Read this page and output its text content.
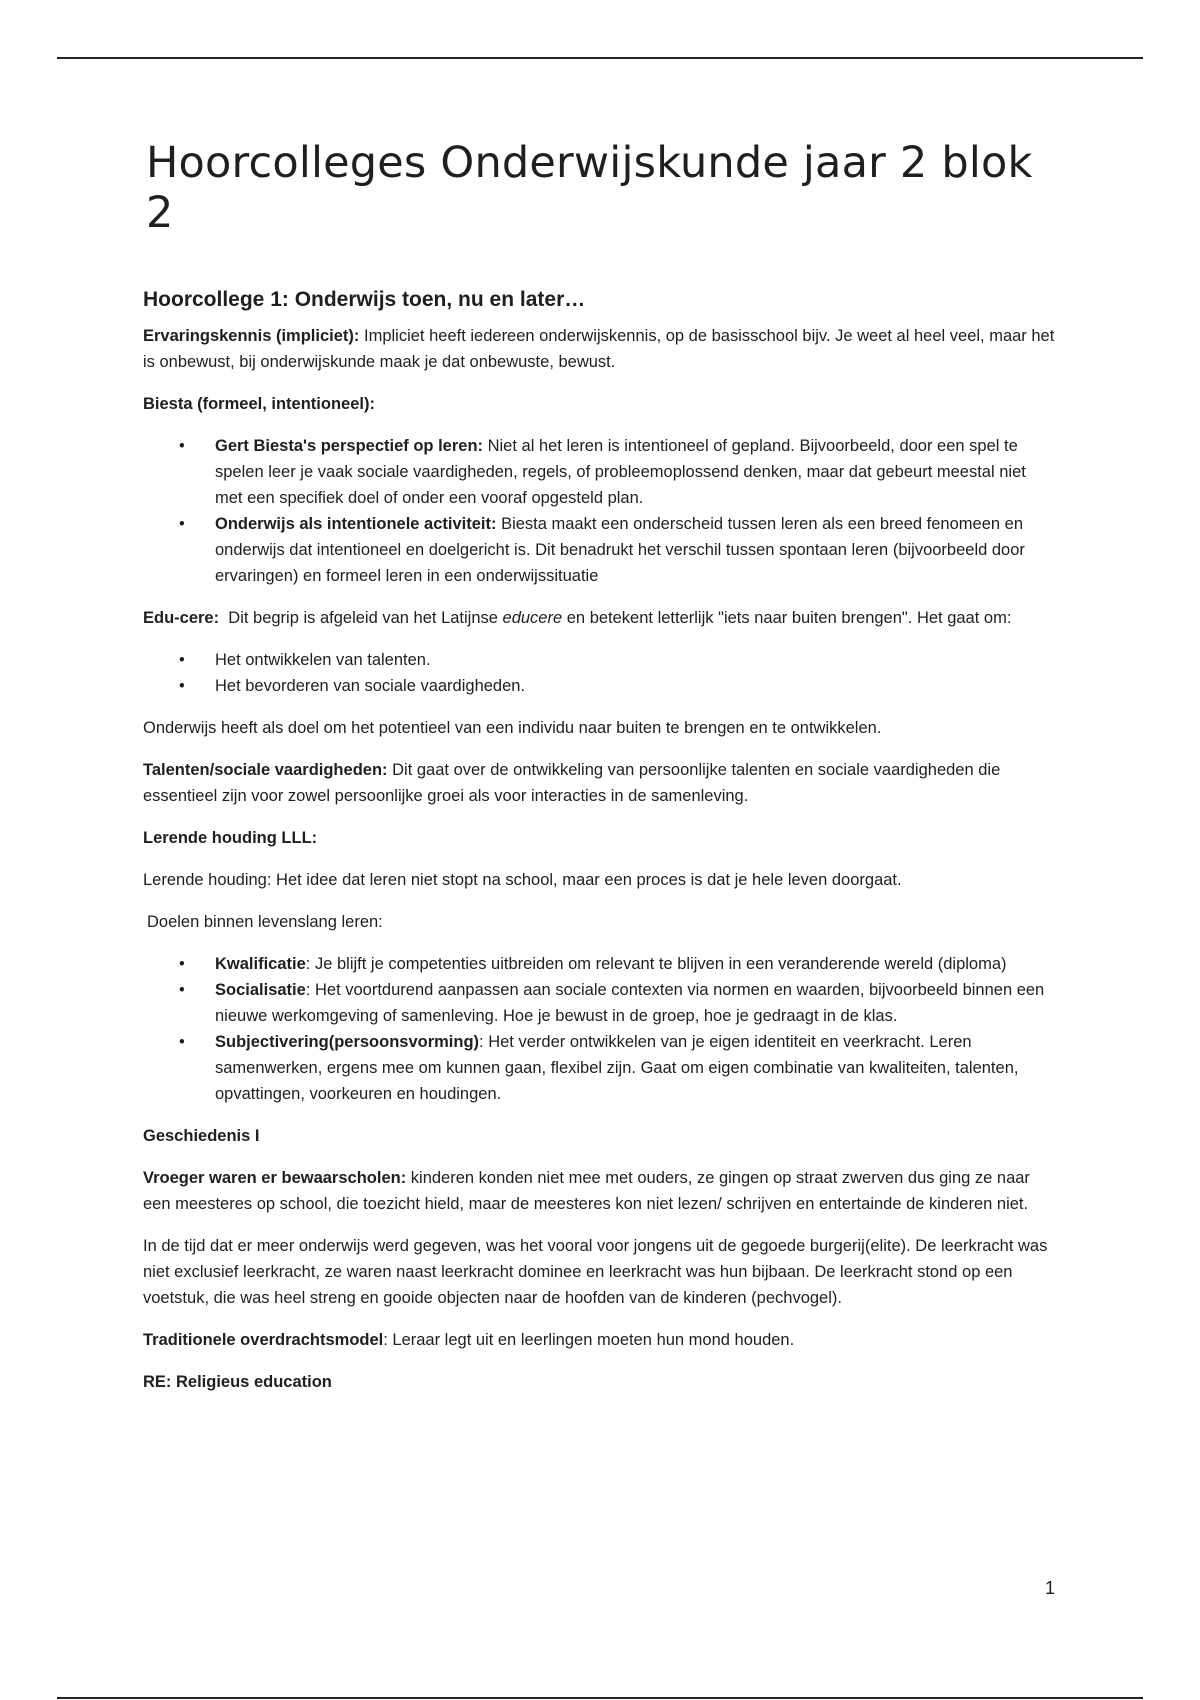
Hoorcolleges Onderwijskunde jaar 2 blok 2
Hoorcollege 1: Onderwijs toen, nu en later…

Ervaringskennis (impliciet): Impliciet heeft iedereen onderwijskennis, op de basisschool bijv. Je weet al heel veel, maar het is onbewust, bij onderwijskunde maak je dat onbewuste, bewust.

Biesta (formeel, intentioneel):

• Gert Biesta's perspectief op leren: Niet al het leren is intentioneel of gepland. Bijvoorbeeld, door een spel te spelen leer je vaak sociale vaardigheden, regels, of probleemoplossend denken, maar dat gebeurt meestal niet met een specifiek doel of onder een vooraf opgesteld plan.
• Onderwijs als intentionele activiteit: Biesta maakt een onderscheid tussen leren als een breed fenomeen en onderwijs dat intentioneel en doelgericht is. Dit benadrukt het verschil tussen spontaan leren (bijvoorbeeld door ervaringen) en formeel leren in een onderwijssituatie

Edu-cere:  Dit begrip is afgeleid van het Latijnse educere en betekent letterlijk "iets naar buiten brengen". Het gaat om:

• Het ontwikkelen van talenten.
• Het bevorderen van sociale vaardigheden.

Onderwijs heeft als doel om het potentieel van een individu naar buiten te brengen en te ontwikkelen.

Talenten/sociale vaardigheden: Dit gaat over de ontwikkeling van persoonlijke talenten en sociale vaardigheden die essentieel zijn voor zowel persoonlijke groei als voor interacties in de samenleving.

Lerende houding LLL:

Lerende houding: Het idee dat leren niet stopt na school, maar een proces is dat je hele leven doorgaat.

Doelen binnen levenslang leren:

• Kwalificatie: Je blijft je competenties uitbreiden om relevant te blijven in een veranderende wereld (diploma)
• Socialisatie: Het voortdurend aanpassen aan sociale contexten via normen en waarden, bijvoorbeeld binnen een nieuwe werkomgeving of samenleving. Hoe je bewust in de groep, hoe je gedraagt in de klas.
• Subjectivering(persoonsvorming): Het verder ontwikkelen van je eigen identiteit en veerkracht. Leren samenwerken, ergens mee om kunnen gaan, flexibel zijn. Gaat om eigen combinatie van kwaliteiten, talenten, opvattingen, voorkeuren en houdingen.

Geschiedenis I

Vroeger waren er bewaarscholen: kinderen konden niet mee met ouders, ze gingen op straat zwerven dus ging ze naar een meesteres op school, die toezicht hield, maar de meesteres kon niet lezen/ schrijven en entertainde de kinderen niet.

In de tijd dat er meer onderwijs werd gegeven, was het vooral voor jongens uit de gegoede burgerij(elite). De leerkracht was niet exclusief leerkracht, ze waren naast leerkracht dominee en leerkracht was hun bijbaan. De leerkracht stond op een voetstuk, die was heel streng en gooide objecten naar de hoofden van de kinderen (pechvogel).

Traditionele overdrachtsmodel: Leraar legt uit en leerlingen moeten hun mond houden.

RE: Religieus education

1
